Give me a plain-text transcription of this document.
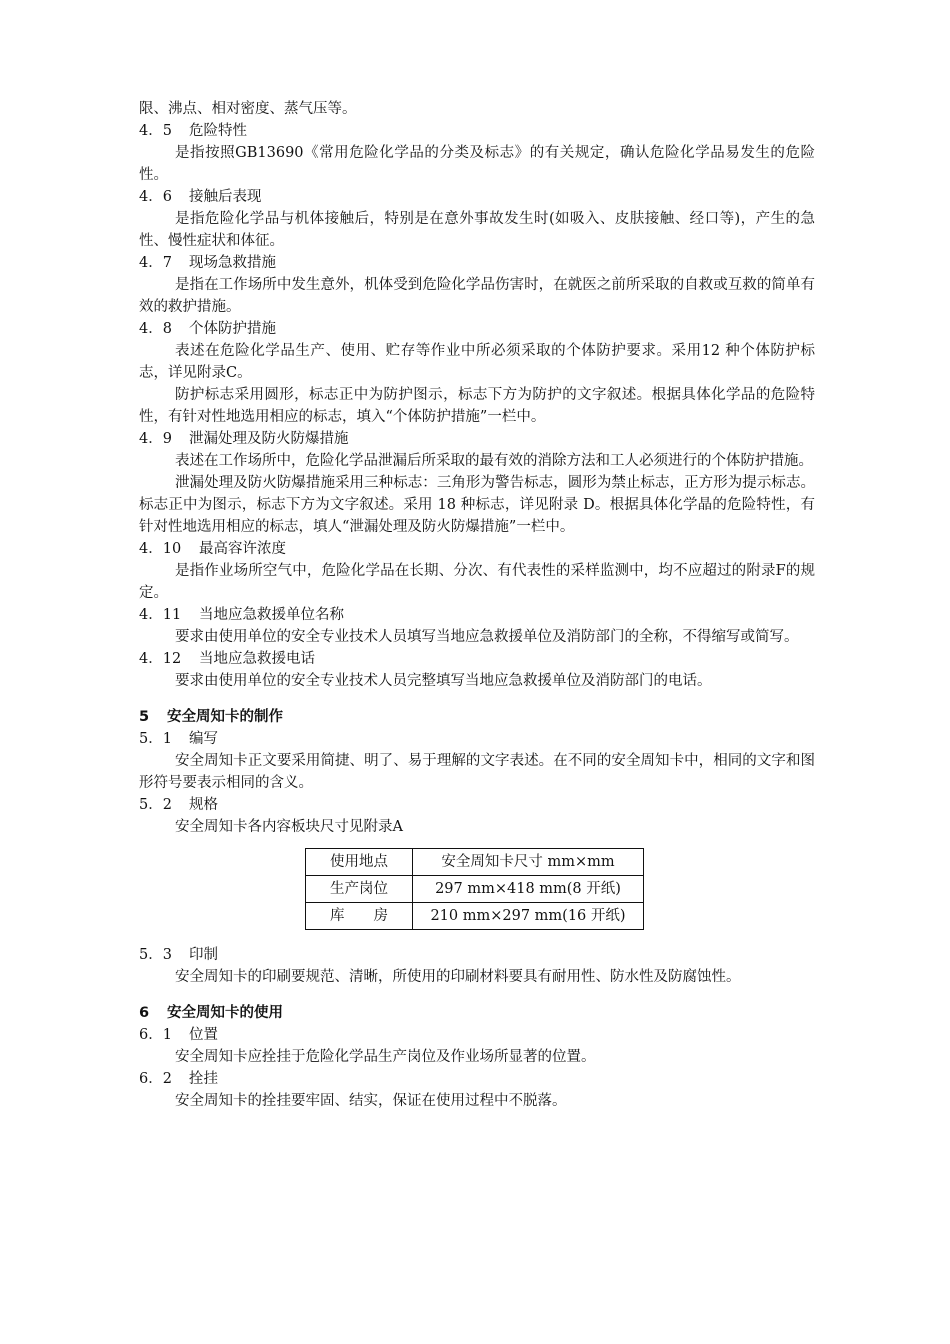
限、沸点、相对密度、蒸气压等。

4．5 危险特性

是指按照GB13690《常用危险化学品的分类及标志》的有关规定，确认危险化学品易发生的危险性。

4．6 接触后表现

是指危险化学品与机体接触后，特别是在意外事故发生时(如吸入、皮肤接触、经口等)，产生的急性、慢性症状和体征。

4．7 现场急救措施

是指在工作场所中发生意外，机体受到危险化学品伤害时，在就医之前所采取的自救或互救的简单有效的救护措施。

4．8 个体防护措施

表述在危险化学品生产、使用、贮存等作业中所必须采取的个体防护要求。采用12 种个体防护标志，详见附录C。

防护标志采用圆形，标志正中为防护图示，标志下方为防护的文字叙述。根据具体化学品的危险特性，有针对性地选用相应的标志，填入“个体防护措施”一栏中。

4．9 泄漏处理及防火防爆措施

表述在工作场所中，危险化学品泄漏后所采取的最有效的消除方法和工人必须进行的个体防护措施。

泄漏处理及防火防爆措施采用三种标志：三角形为警告标志，圆形为禁止标志，正方形为提示标志。标志正中为图示，标志下方为文字叙述。采用 18 种标志，详见附录 D。根据具体化学晶的危险特性，有针对性地选用相应的标志，填人“泄漏处理及防火防爆措施”一栏中。

4．10 最高容许浓度

是指作业场所空气中，危险化学品在长期、分次、有代表性的采样监测中，均不应超过的附录F的规定。

4．11 当地应急救援单位名称

要求由使用单位的安全专业技术人员填写当地应急救援单位及消防部门的全称，不得缩写或简写。

4．12 当地应急救援电话

要求由使用单位的安全专业技术人员完整填写当地应急救援单位及消防部门的电话。

5 安全周知卡的制作

5．1 编写

安全周知卡正文要采用简捷、明了、易于理解的文字表述。在不同的安全周知卡中，相同的文字和图形符号要表示相同的含义。

5．2 规格

安全周知卡各内容板块尺寸见附录A

使用地点	安全周知卡尺寸 mm×mm
生产岗位	297 mm×418 mm(8 开纸)
库　　房	210 mm×297 mm(16 开纸)

5．3 印制

安全周知卡的印刷要规范、清晰，所使用的印刷材料要具有耐用性、防水性及防腐蚀性。

6 安全周知卡的使用

6．1 位置

安全周知卡应拴挂于危险化学品生产岗位及作业场所显著的位置。

6．2 拴挂

安全周知卡的拴挂要牢固、结实，保证在使用过程中不脱落。
